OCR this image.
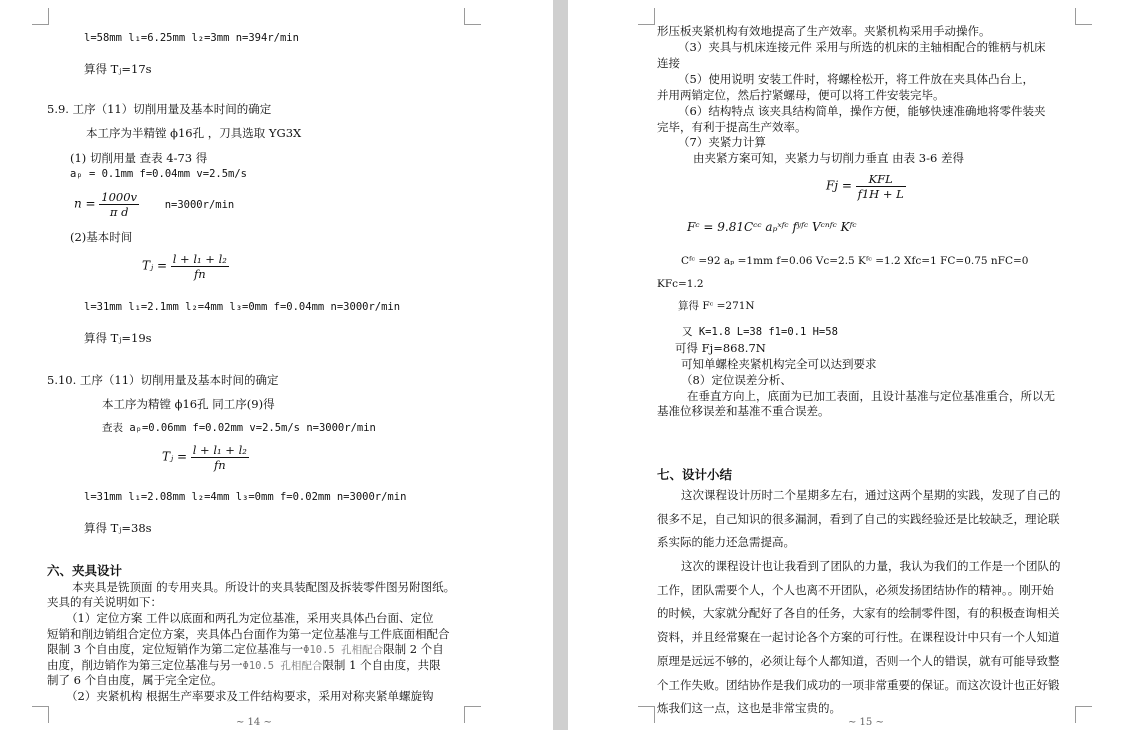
l=58mm l₁=6.25mm l₂=3mm n=394r/min
算得 Tⱼ=17s
5.9. 工序（11）切削用量及基本时间的确定
本工序为半精镗 ϕ16孔 ，刀具选取 YG3X
(1) 切削用量 查表 4-73 得
aₚ = 0.1mm f=0.04mm v=2.5m/s
$n = \frac{1000v}{\text{π d}} n=3000r/\min$
(2)基本时间
Tⱼ = $\frac{\text{l + l₁ + l₂}}{fn}$
l=31mm l₁=2.1mm l₂=4mm l₃=0mm f=0.04mm n=3000r/min
算得 Tⱼ=19s
5.10. 工序（11）切削用量及基本时间的确定
本工序为精镗 ϕ16孔 同工序(9)得
查表 aₚ=0.06mm f=0.02mm v=2.5m/s n=3000r/min
Tⱼ = $\frac{\text{l + l₁ + l₂}}{fn}$
l=31mm l₁=2.08mm l₂=4mm l₃=0mm f=0.02mm n=3000r/min
算得 Tⱼ=38s
六、夹具设计
本夹具是铣顶面 的专用夹具。所设计的夹具装配图及拆装零件图另附图纸。
夹具的有关说明如下：
（1）定位方案 工件以底面和两孔为定位基准，采用夹具体凸台面、定位
短销和削边销组合定位方案，夹具体凸台面作为第一定位基准与工件底面相配合
限制 3 个自由度，定位短销作为第二定位基准与一Φ10.5 孔相配合限制 2 个自
由度，削边销作为第三定位基准与另一Φ10.5 孔相配合限制 1 个自由度，共限
制了 6 个自由度，属于完全定位。
（2）夹紧机构 根据生产率要求及工件结构要求，采用对称夹紧单螺旋钩
∼ 14 ∼
形压板夹紧机构有效地提高了生产效率。夹紧机构采用手动操作。
（3）夹具与机床连接元件 采用与所选的机床的主轴相配合的锥柄与机床
连接
（5）使用说明 安装工件时，将螺栓松开，将工件放在夹具体凸台上，
并用两销定位，然后拧紧螺母，便可以将工件安装完毕。
（6）结构特点 该夹具结构简单，操作方便，能够快速准确地将零件装夹
完毕，有利于提高生产效率。
（7）夹紧力计算
由夹紧方案可知，夹紧力与切削力垂直 由表 3-6 差得
$Fj = \frac{\text{KFL}}{f1H + L}$
Fᶜ = 9.81Cᶜᶜ aₚˣᶠᶜ fʸᶠᶜ Vᶜⁿᶠᶜ Kᶠᶜ
Cᶠᶜ =92 aₚ =1mm f=0.06 Vc=2.5 Kᶠᶜ =1.2 Xfc=1 FC=0.75 nFC=0
KFc=1.2
算得 Fᶜ =271N
又 K=1.8 L=38 f1=0.1 H=58
可得 Fj=868.7N
可知单螺栓夹紧机构完全可以达到要求
（8）定位误差分析、
在垂直方向上，底面为已加工表面，且设计基准与定位基准重合，所以无
基准位移误差和基准不重合误差。
七、设计小结
这次课程设计历时二个星期多左右，通过这两个星期的实践，发现了自己的
很多不足，自己知识的很多漏洞，看到了自己的实践经验还是比较缺乏，理论联
系实际的能力还急需提高。
这次的课程设计也让我看到了团队的力量，我认为我们的工作是一个团队的
工作，团队需要个人，个人也离不开团队，必须发扬团结协作的精神。。刚开始
的时候，大家就分配好了各自的任务，大家有的绘制零件图，有的积极查询相关
资料，并且经常聚在一起讨论各个方案的可行性。在课程设计中只有一个人知道
原理是远远不够的，必须让每个人都知道，否则一个人的错误，就有可能导致整
个工作失败。团结协作是我们成功的一项非常重要的保证。而这次设计也正好锻
炼我们这一点，这也是非常宝贵的。
∼ 15 ∼
